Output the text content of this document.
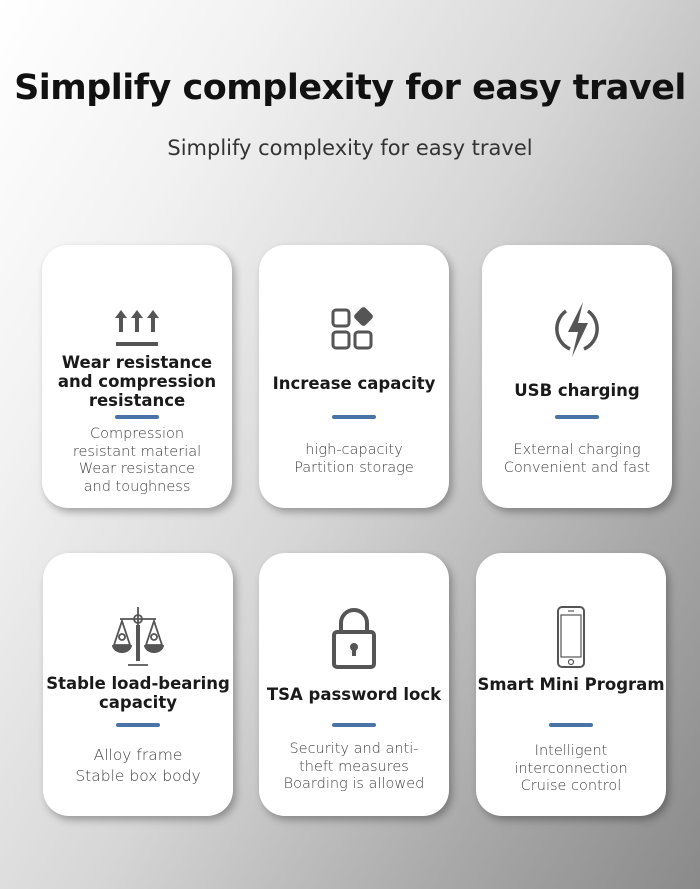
Simplify complexity for easy travel
Simplify complexity for easy travel
Wear resistance and compression resistance
Compression
resistant material
Wear resistance
and toughness
Increase capacity
high-capacity
Partition storage
USB charging
External charging
Convenient and fast
Stable load-bearing capacity
Alloy frame
Stable box body
TSA password lock
Security and anti-
theft measures
Boarding is allowed
Smart Mini Program
Intelligent
interconnection
Cruise control
